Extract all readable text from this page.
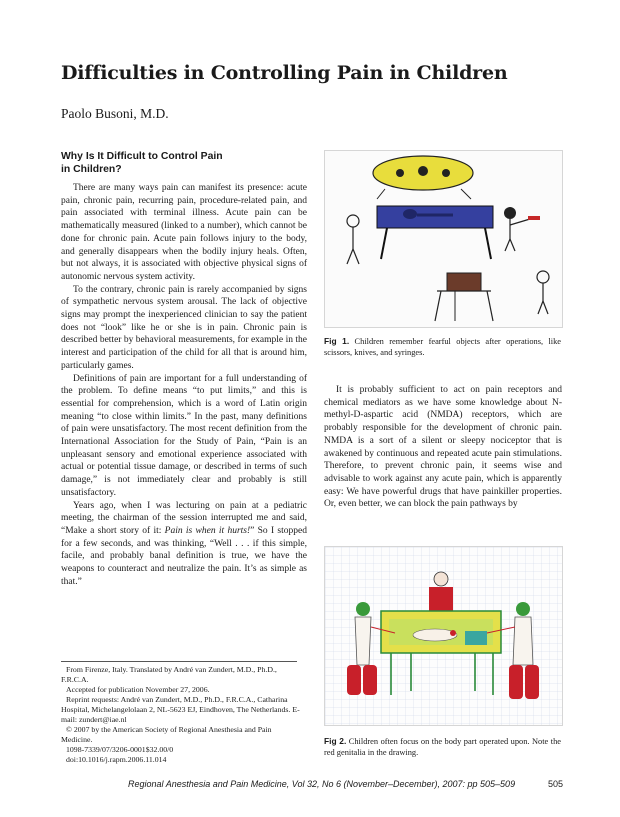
Difficulties in Controlling Pain in Children
Paolo Busoni, M.D.
Why Is It Difficult to Control Pain
in Children?

There are many ways pain can manifest its presence: acute pain, chronic pain, recurring pain, procedure-related pain, and pain associated with terminal illness. Acute pain can be mathematically measured (linked to a number), which cannot be done for chronic pain. Acute pain follows injury to the body, and generally disappears when the bodily injury heals. Often, but not always, it is associated with objective physical signs of autonomic nervous system activity.

To the contrary, chronic pain is rarely accompanied by signs of sympathetic nervous system arousal. The lack of objective signs may prompt the inexperienced clinician to say the patient does not “look” like he or she is in pain. Chronic pain is described better by behavioral measurements, for example in the interest and participation of the child for all that is around him, particularly games.

Definitions of pain are important for a full understanding of the problem. To define means “to put limits,” and this is essential for comprehension, which is a word of Latin origin meaning “to close within limits.” In the past, many definitions of pain were unsatisfactory. The most recent definition from the International Association for the Study of Pain, “Pain is an unpleasant sensory and emotional experience associated with actual or potential tissue damage, or described in terms of such damage,” is not immediately clear and probably is still unsatisfactory.

Years ago, when I was lecturing on pain at a pediatric meeting, the chairman of the session interrupted me and said, “Make a short story of it: Pain is when it hurts!” So I stopped for a few seconds, and was thinking, “Well . . . if this simple, facile, and probably banal definition is true, we have the weapons to counteract and neutralize the pain. It’s as simple as that.”

Fig 1. Children remember fearful objects after operations, like scissors, knives, and syringes.

It is probably sufficient to act on pain receptors and chemical mediators as we have some knowledge about N-methyl-D-aspartic acid (NMDA) receptors, which are probably responsible for the development of chronic pain. NMDA is a sort of a silent or sleepy nociceptor that is awakened by continuous and repeated acute pain stimulations. Therefore, to prevent chronic pain, it seems wise and advisable to work against any acute pain, which is apparently easy: We have powerful drugs that have painkiller properties. Or, even better, we can block the pain pathways by

Fig 2. Children often focus on the body part operated upon. Note the red genitalia in the drawing.
From Firenze, Italy. Translated by André van Zundert, M.D., Ph.D., F.R.C.A.
Accepted for publication November 27, 2006.
Reprint requests: André van Zundert, M.D., Ph.D., F.R.C.A., Catharina Hospital, Michelangelolaan 2, NL-5623 EJ, Eindhoven, The Netherlands. E-mail: zundert@iae.nl
© 2007 by the American Society of Regional Anesthesia and Pain Medicine.
1098-7339/07/3206-0001$32.00/0
doi:10.1016/j.rapm.2006.11.014
Regional Anesthesia and Pain Medicine, Vol 32, No 6 (November–December), 2007: pp 505–509	505
